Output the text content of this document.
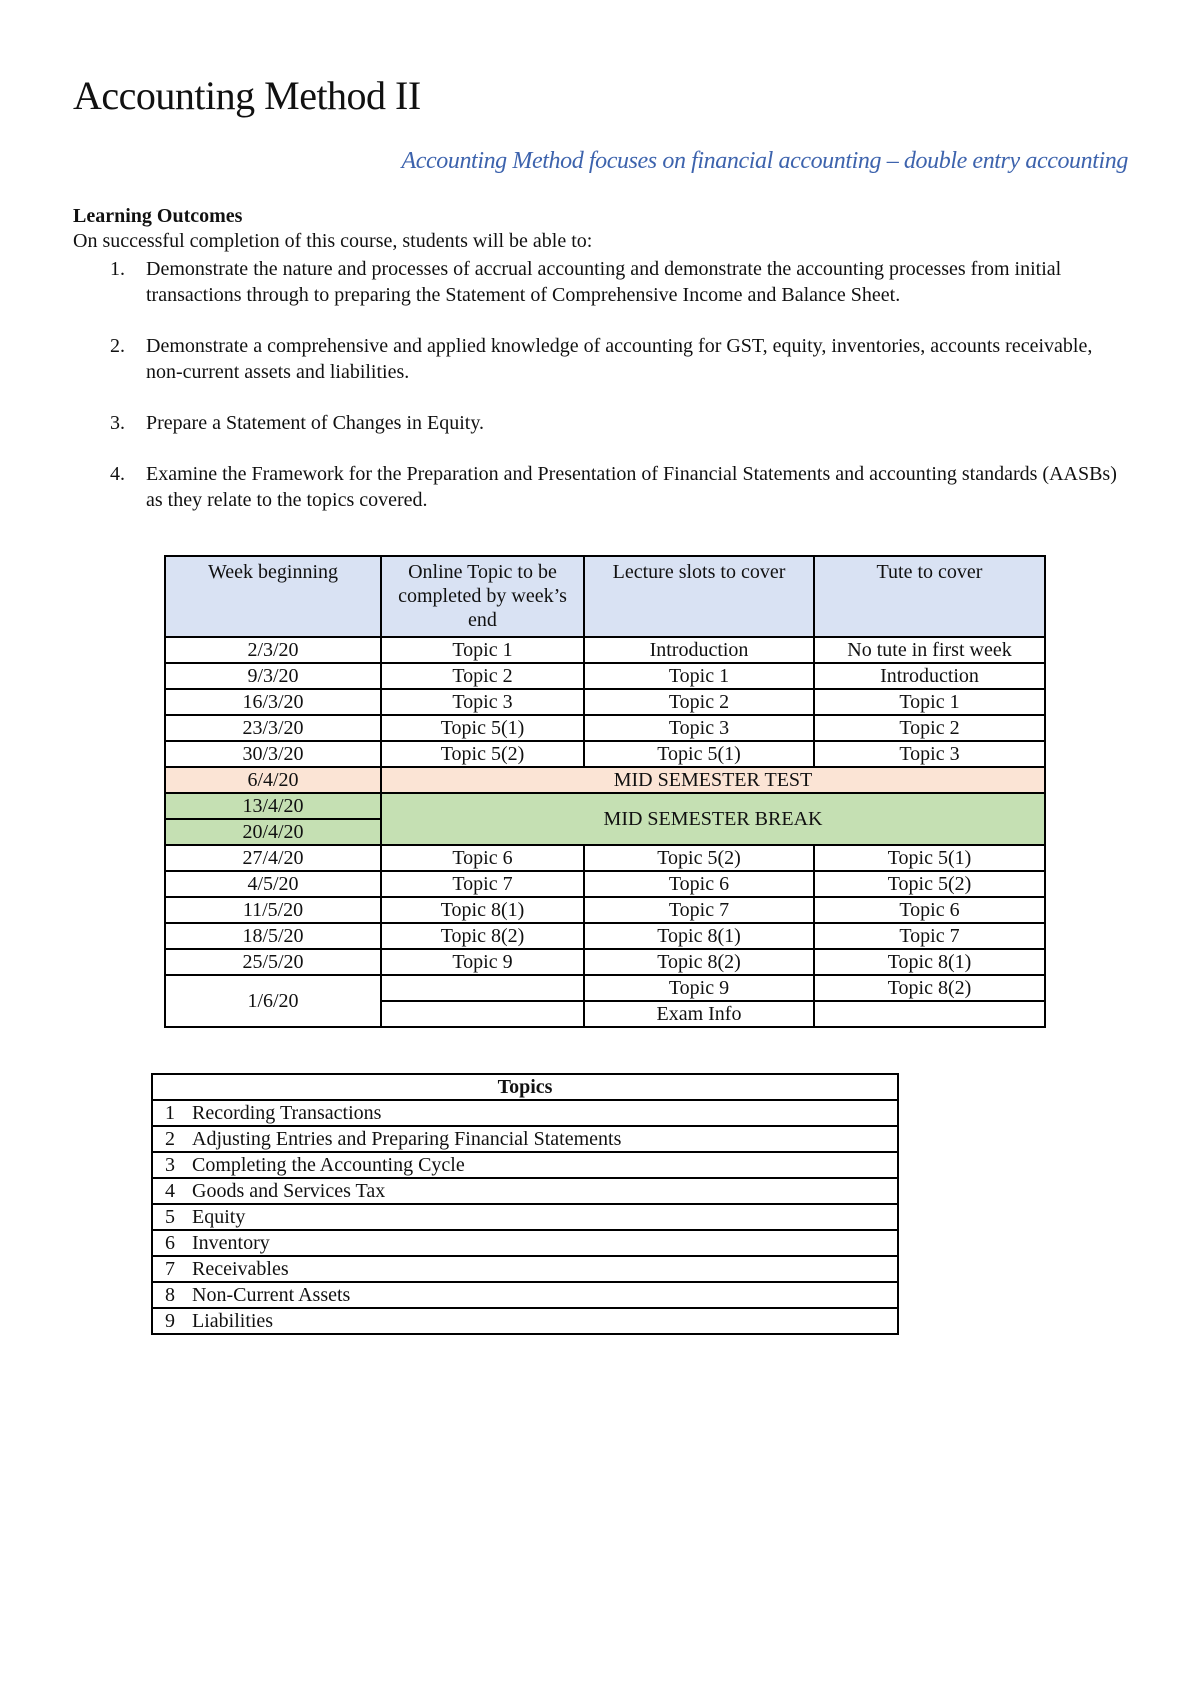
Accounting Method II

Accounting Method focuses on financial accounting – double entry accounting

Learning Outcomes

On successful completion of this course, students will be able to:

1. Demonstrate the nature and processes of accrual accounting and demonstrate the accounting processes from initial transactions through to preparing the Statement of Comprehensive Income and Balance Sheet.
2. Demonstrate a comprehensive and applied knowledge of accounting for GST, equity, inventories, accounts receivable, non-current assets and liabilities.
3. Prepare a Statement of Changes in Equity.
4. Examine the Framework for the Preparation and Presentation of Financial Statements and accounting standards (AASBs) as they relate to the topics covered.
Week beginning	Online Topic to be completed by week’s end	Lecture slots to cover	Tute to cover
2/3/20	Topic 1	Introduction	No tute in first week
9/3/20	Topic 2	Topic 1	Introduction
16/3/20	Topic 3	Topic 2	Topic 1
23/3/20	Topic 5(1)	Topic 3	Topic 2
30/3/20	Topic 5(2)	Topic 5(1)	Topic 3
6/4/20	MID SEMESTER TEST		
13/4/20	MID SEMESTER BREAK		
20/4/20			
27/4/20	Topic 6	Topic 5(2)	Topic 5(1)
4/5/20	Topic 7	Topic 6	Topic 5(2)
11/5/20	Topic 8(1)	Topic 7	Topic 6
18/5/20	Topic 8(2)	Topic 8(1)	Topic 7
25/5/20	Topic 9	Topic 8(2)	Topic 8(1)
1/6/20		Topic 9	Topic 8(2)
		Exam Info	
Topics
1 Recording Transactions
2 Adjusting Entries and Preparing Financial Statements
3 Completing the Accounting Cycle
4 Goods and Services Tax
5 Equity
6 Inventory
7 Receivables
8 Non-Current Assets
9 Liabilities
